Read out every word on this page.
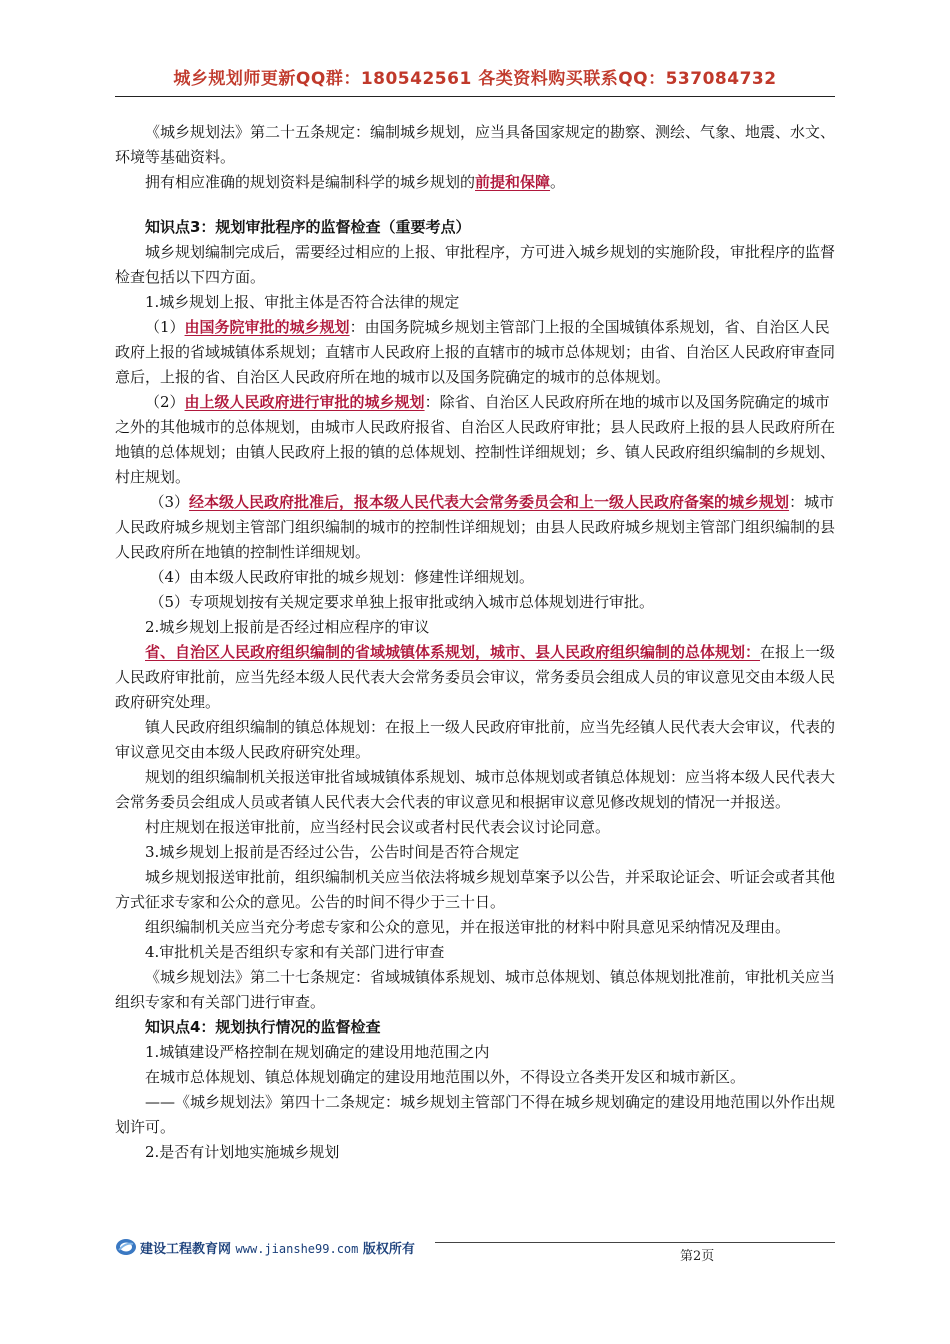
城乡规划师更新QQ群：180542561 各类资料购买联系QQ：537084732

《城乡规划法》第二十五条规定：编制城乡规划，应当具备国家规定的勘察、测绘、气象、地震、水文、环境等基础资料。

拥有相应准确的规划资料是编制科学的城乡规划的前提和保障。

知识点3：规划审批程序的监督检查（重要考点）

城乡规划编制完成后，需要经过相应的上报、审批程序，方可进入城乡规划的实施阶段，审批程序的监督检查包括以下四方面。

1.城乡规划上报、审批主体是否符合法律的规定

（1）由国务院审批的城乡规划：由国务院城乡规划主管部门上报的全国城镇体系规划，省、自治区人民政府上报的省域城镇体系规划；直辖市人民政府上报的直辖市的城市总体规划；由省、自治区人民政府审查同意后，上报的省、自治区人民政府所在地的城市以及国务院确定的城市的总体规划。

（2）由上级人民政府进行审批的城乡规划：除省、自治区人民政府所在地的城市以及国务院确定的城市之外的其他城市的总体规划，由城市人民政府报省、自治区人民政府审批；县人民政府上报的县人民政府所在地镇的总体规划；由镇人民政府上报的镇的总体规划、控制性详细规划；乡、镇人民政府组织编制的乡规划、村庄规划。

（3）经本级人民政府批准后，报本级人民代表大会常务委员会和上一级人民政府备案的城乡规划：城市人民政府城乡规划主管部门组织编制的城市的控制性详细规划；由县人民政府城乡规划主管部门组织编制的县人民政府所在地镇的控制性详细规划。

（4）由本级人民政府审批的城乡规划：修建性详细规划。

（5）专项规划按有关规定要求单独上报审批或纳入城市总体规划进行审批。

2.城乡规划上报前是否经过相应程序的审议

省、自治区人民政府组织编制的省域城镇体系规划，城市、县人民政府组织编制的总体规划：在报上一级人民政府审批前，应当先经本级人民代表大会常务委员会审议，常务委员会组成人员的审议意见交由本级人民政府研究处理。

镇人民政府组织编制的镇总体规划：在报上一级人民政府审批前，应当先经镇人民代表大会审议，代表的审议意见交由本级人民政府研究处理。

规划的组织编制机关报送审批省域城镇体系规划、城市总体规划或者镇总体规划：应当将本级人民代表大会常务委员会组成人员或者镇人民代表大会代表的审议意见和根据审议意见修改规划的情况一并报送。

村庄规划在报送审批前，应当经村民会议或者村民代表会议讨论同意。

3.城乡规划上报前是否经过公告，公告时间是否符合规定

城乡规划报送审批前，组织编制机关应当依法将城乡规划草案予以公告，并采取论证会、听证会或者其他方式征求专家和公众的意见。公告的时间不得少于三十日。

组织编制机关应当充分考虑专家和公众的意见，并在报送审批的材料中附具意见采纳情况及理由。

4.审批机关是否组织专家和有关部门进行审查

《城乡规划法》第二十七条规定：省域城镇体系规划、城市总体规划、镇总体规划批准前，审批机关应当组织专家和有关部门进行审查。

知识点4：规划执行情况的监督检查

1.城镇建设严格控制在规划确定的建设用地范围之内

在城市总体规划、镇总体规划确定的建设用地范围以外，不得设立各类开发区和城市新区。

——《城乡规划法》第四十二条规定：城乡规划主管部门不得在城乡规划确定的建设用地范围以外作出规划许可。

2.是否有计划地实施城乡规划

建设工程教育网 www.jianshe99.com 版权所有	第2页
